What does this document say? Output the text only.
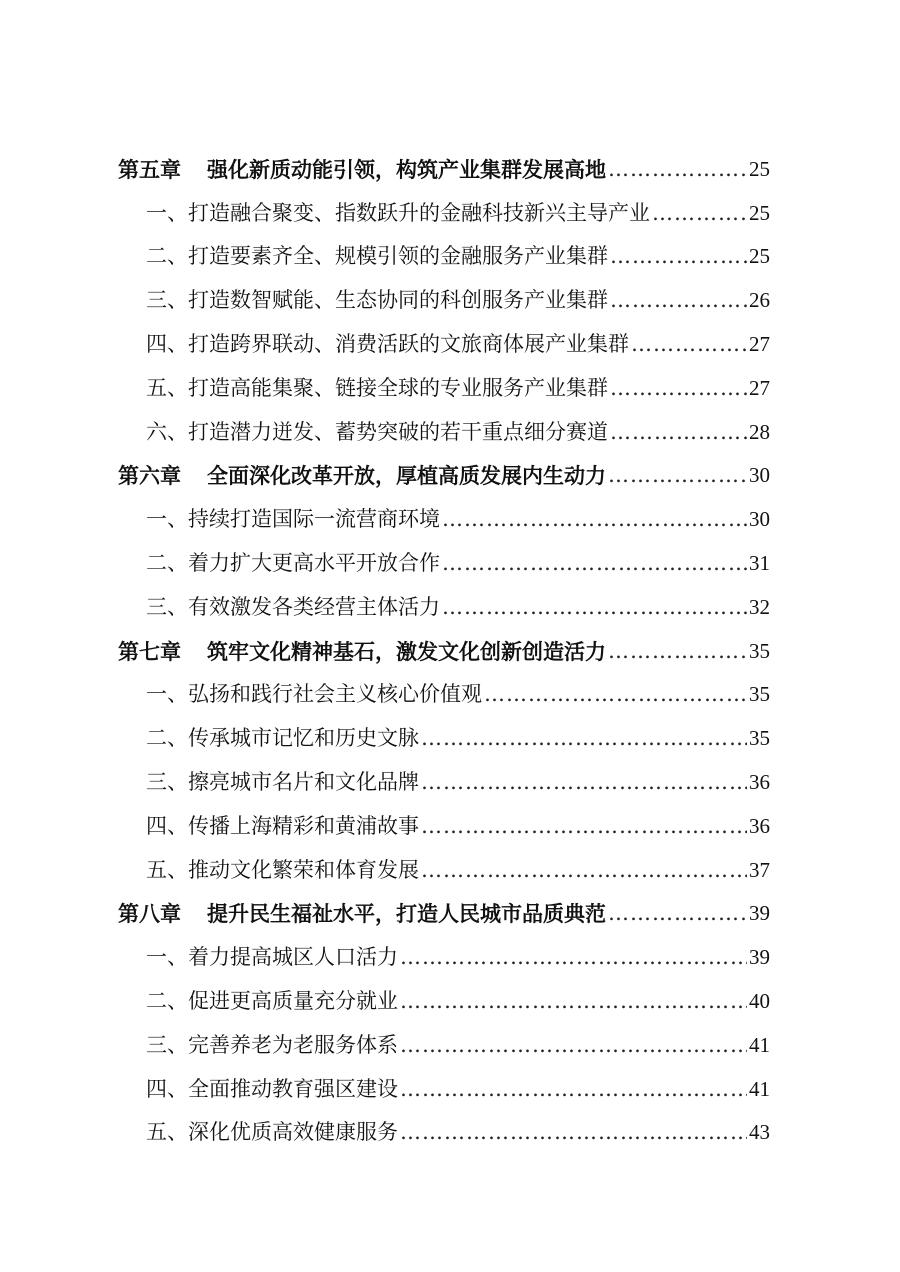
第五章 强化新质动能引领，构筑产业集群发展高地 …………………………………………………………………………………………	25
一、打造融合聚变、指数跃升的金融科技新兴主导产业 …………………………………………………………………………………………	25
二、打造要素齐全、规模引领的金融服务产业集群 …………………………………………………………………………………………	25
三、打造数智赋能、生态协同的科创服务产业集群 …………………………………………………………………………………………	26
四、打造跨界联动、消费活跃的文旅商体展产业集群 …………………………………………………………………………………………	27
五、打造高能集聚、链接全球的专业服务产业集群 …………………………………………………………………………………………	27
六、打造潜力迸发、蓄势突破的若干重点细分赛道 …………………………………………………………………………………………	28
第六章 全面深化改革开放，厚植高质发展内生动力 …………………………………………………………………………………………	30
一、持续打造国际一流营商环境 …………………………………………………………………………………………	30
二、着力扩大更高水平开放合作 …………………………………………………………………………………………	31
三、有效激发各类经营主体活力 …………………………………………………………………………………………	32
第七章 筑牢文化精神基石，激发文化创新创造活力 …………………………………………………………………………………………	35
一、弘扬和践行社会主义核心价值观 …………………………………………………………………………………………	35
二、传承城市记忆和历史文脉 …………………………………………………………………………………………	35
三、擦亮城市名片和文化品牌 …………………………………………………………………………………………	36
四、传播上海精彩和黄浦故事 …………………………………………………………………………………………	36
五、推动文化繁荣和体育发展 …………………………………………………………………………………………	37
第八章 提升民生福祉水平，打造人民城市品质典范 …………………………………………………………………………………………	39
一、着力提高城区人口活力 …………………………………………………………………………………………	39
二、促进更高质量充分就业 …………………………………………………………………………………………	40
三、完善养老为老服务体系 …………………………………………………………………………………………	41
四、全面推动教育强区建设 …………………………………………………………………………………………	41
五、深化优质高效健康服务 …………………………………………………………………………………………	43
